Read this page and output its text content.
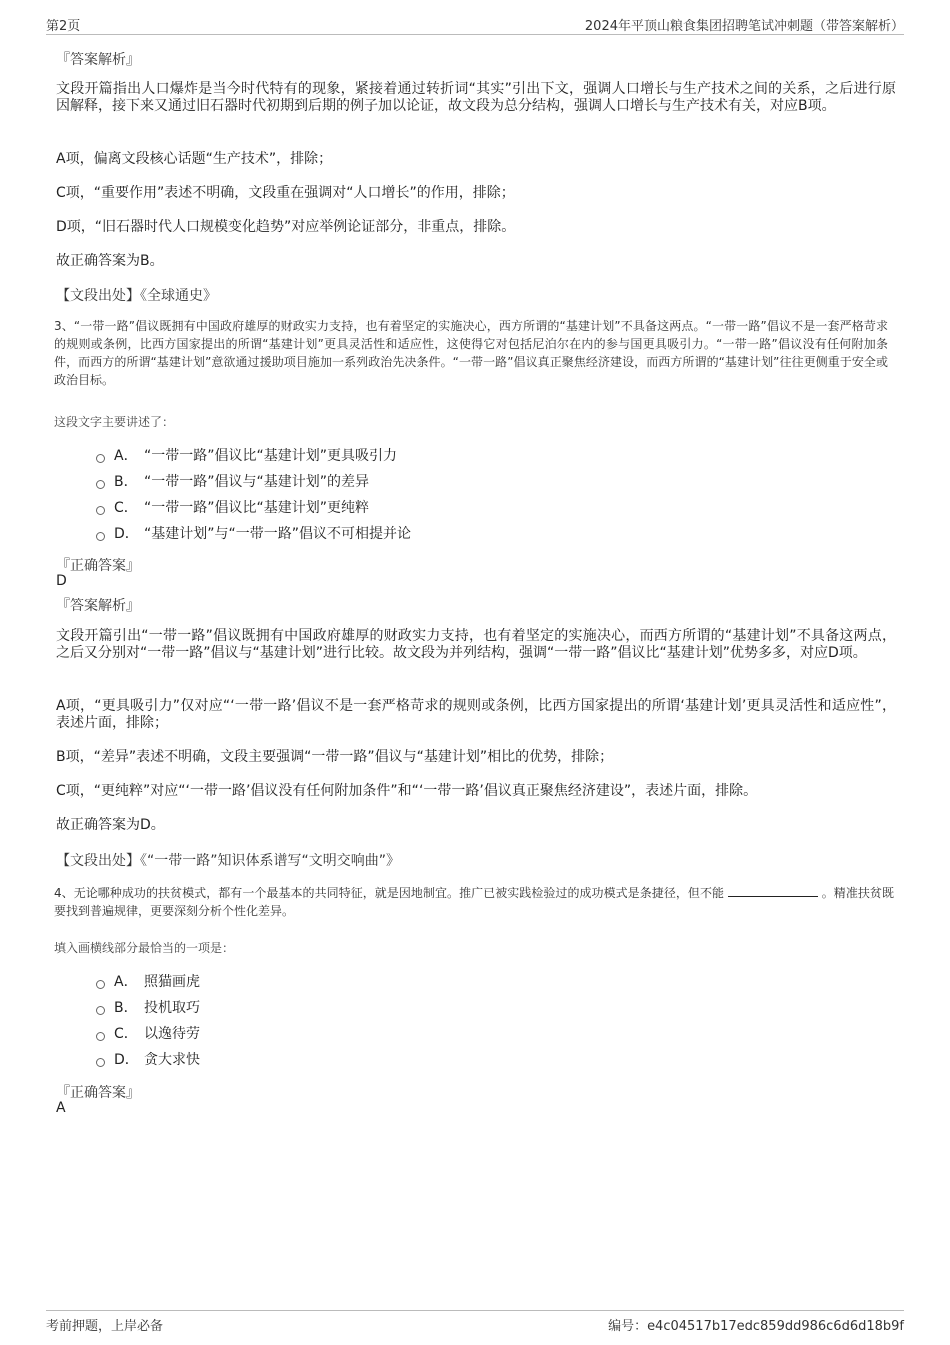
第2页	2024年平顶山粮食集团招聘笔试冲刺题（带答案解析）
『答案解析』

文段开篇指出人口爆炸是当今时代特有的现象，紧接着通过转折词“其实”引出下文，强调人口增长与生产技术之间的关系，之后进行原因解释，接下来又通过旧石器时代初期到后期的例子加以论证，故文段为总分结构，强调人口增长与生产技术有关，对应B项。

A项，偏离文段核心话题“生产技术”，排除；

C项，“重要作用”表述不明确，文段重在强调对“人口增长”的作用，排除；

D项，“旧石器时代人口规模变化趋势”对应举例论证部分，非重点，排除。

故正确答案为B。

【文段出处】《全球通史》

3、“一带一路”倡议既拥有中国政府雄厚的财政实力支持，也有着坚定的实施决心，西方所谓的“基建计划”不具备这两点。“一带一路”倡议不是一套严格苛求的规则或条例，比西方国家提出的所谓“基建计划”更具灵活性和适应性，这使得它对包括尼泊尔在内的参与国更具吸引力。“一带一路”倡议没有任何附加条件，而西方的所谓“基建计划”意欲通过援助项目施加一系列政治先决条件。“一带一路”倡议真正聚焦经济建设，而西方所谓的“基建计划”往往更侧重于安全或政治目标。

这段文字主要讲述了：
A． “一带一路”倡议比“基建计划”更具吸引力
B． “一带一路”倡议与“基建计划”的差异
C． “一带一路”倡议比“基建计划”更纯粹
D． “基建计划”与“一带一路”倡议不可相提并论
『正确答案』
D
『答案解析』

文段开篇引出“一带一路”倡议既拥有中国政府雄厚的财政实力支持，也有着坚定的实施决心，而西方所谓的“基建计划”不具备这两点，之后又分别对“一带一路”倡议与“基建计划”进行比较。故文段为并列结构，强调“一带一路”倡议比“基建计划”优势多多，对应D项。

A项，“更具吸引力”仅对应“‘一带一路’倡议不是一套严格苛求的规则或条例，比西方国家提出的所谓‘基建计划’更具灵活性和适应性”，表述片面，排除；

B项，“差异”表述不明确，文段主要强调“一带一路”倡议与“基建计划”相比的优势，排除；

C项，“更纯粹”对应“‘一带一路’倡议没有任何附加条件”和“‘一带一路’倡议真正聚焦经济建设”，表述片面，排除。

故正确答案为D。

【文段出处】《“一带一路”知识体系谱写“文明交响曲”》

4、无论哪种成功的扶贫模式，都有一个最基本的共同特征，就是因地制宜。推广已被实践检验过的成功模式是条捷径，但不能	。精准扶贫既要找到普遍规律，更要深刻分析个性化差异。

填入画横线部分最恰当的一项是：
A． 照猫画虎
B． 投机取巧
C． 以逸待劳
D． 贪大求快
『正确答案』
A
考前押题，上岸必备	编号：e4c04517b17edc859dd986c6d6d18b9f
